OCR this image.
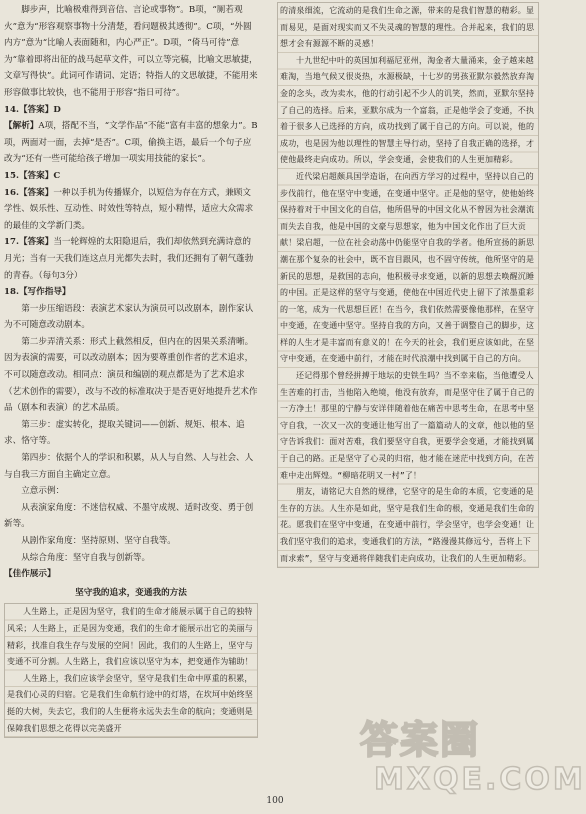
脚步声，比喻极难得到音信、言论或事物”。B项，“厕若观火”意为“形容观察事物十分清楚，看问题极其透彻”。C项，“外圆内方”意为“比喻人表面随和，内心严正”。D项，“倚马可待”意为“靠着即将出征的战马起草文件，可以立等完稿，比喻文思敏捷，文章写得快”。此词可作请词、定语；特指人的文思敏捷，不能用来形容做事比较快，也不能用于形容“指日可待”。

14.【答案】D

【解析】A项，搭配不当，“文学作品”不能“富有丰富的想象力”。B项，两面对一面，去掉“是否”。C项，偷换主语，最后一个句子应改为“还有一些可能给孩子增加一项实用技能的家长”。

15.【答案】C

16.【答案】一种以手机为传播媒介，以短信为存在方式，兼顾文学性、娱乐性、互动性、时效性等特点，短小精悍，适应大众需求的最佳的文学新门类。

17.【答案】当一轮辉煌的太阳隐退后，我们却依然到充满诗意的月光；当有一天我们连这点月光都失去时，我们还拥有了朝气蓬勃的青春。（每句3分）

18.【写作指导】

第一步压缩语段：表演艺术家认为演员可以改剧本，剧作家认为不可随意改动剧本。

第二步弄清关系：形式上截然相反，但内在的因果关系清晰。因为表演的需要，可以改动剧本；因为要尊重创作者的艺术追求，不可以随意改动。相同点：演员和编剧的观点都是为了艺术追求（艺术创作的需要），改与不改的标准取决于是否更好地提升艺术作品（剧本和表演）的艺术品质。

第三步：虚实转化，提取关键词——创新、规矩、根本、追求、恪守等。

第四步：依据个人的学识和积累，从人与自然、人与社会、人与自我三方面自主确定立意。

立意示例：

从表演家角度：不迷信权威、不墨守成规、适时改变、勇于创新等。

从剧作家角度：坚持原则、坚守自我等。

从综合角度：坚守自我与创新等。

【佳作展示】

坚守我的追求，变通我的方法

人生路上，正是因为坚守，我们的生命才能展示属于自己的独特风采；人生路上，正是因为变通，我们的生命才能展示出它的美丽与精彩，找准自我生存与发展的空间！因此，我们的人生路上，坚守与变通不可分割。人生路上，我们应该以坚守为本，把变通作为辅助！

人生路上，我们应该学会坚守，坚守是我们生命中厚重的积累，是我们心灵的归宿。它是我们生命航行途中的灯塔，在坎坷中始终坚挺的大树，失去它，我们的人生便将永远失去生命的航向；变通则是保障我们思想之花得以完美盛开

的清泉细流，它流动的是我们生命之源，带来的是我们智慧的精彩。显而易见，是面对现实而又不失灵魂的智慧的理性。合并起来，我们的思想才会有源源不断的灵感！

十九世纪中叶的英国加利福尼亚州，淘金者大量涌来，金子越来越难淘，当地气候又很炎热，水源极缺，十七岁的男孩亚默尔毅然放弃淘金的念头，改为卖水，他的行动引起不少人的讥笑，然而，亚默尔坚持了自己的选择。后来，亚默尔成为一个富翁，正是他学会了变通，不执着于很多人已选择的方向，成功找到了属于自己的方向。可以说，他的成功，也是因为他以理性的智慧主导行动，坚持了自我正确的选择，才使他最终走向成功。所以，学会变通，会使我们的人生更加精彩。

近代梁启超颇具国学造诣，在向西方学习的过程中，坚持以自己的步伐前行，他在坚守中变通，在变通中坚守。正是他的坚守，使他始终保持着对于中国文化的自信，他所倡导的中国文化从不曾因为社会潮流而失去自我，他是中国的文豪与思想家，他为中国文化作出了巨大贡献！梁启超，一位在社会动荡中仍能坚守自我的学者。他所宣扬的新思潮在那个复杂的社会中，既不盲目跟风，也不固守传统，他所坚守的是新民的思想，是救国的志向，他积极寻求变通，以新的思想去唤醒沉睡的中国。正是这样的坚守与变通，使他在中国近代史上留下了浓墨重彩的一笔，成为一代思想巨匠！在当今，我们依然需要像他那样，在坚守中变通，在变通中坚守。坚持自我的方向，又善于调整自己的脚步，这样的人生才是丰富而有意义的！在今天的社会，我们更应该如此，在坚守中变通，在变通中前行，才能在时代浪潮中找到属于自己的方向。

还记得那个曾经拼搏于地坛的史铁生吗？当不幸来临，当他遭受人生苦难的打击，当他陷入绝境，他没有放弃，而是坚守住了属于自己的一方净土！那里的宁静与安详伴随着他在痛苦中思考生命，在思考中坚守自我，一次又一次的变通让他写出了一篇篇动人的文章，他以他的坚守告诉我们：面对苦难，我们要坚守自我，更要学会变通，才能找到属于自己的路。正是坚守了心灵的归宿，他才能在迷茫中找到方向，在苦难中走出辉煌。“柳暗花明又一村”了！

朋友，请铭记大自然的规律，它坚守的是生命的本质，它变通的是生存的方法。人生亦是如此，坚守是我们生命的根，变通是我们生命的花。愿我们在坚守中变通，在变通中前行，学会坚守，也学会变通！让我们坚守我们的追求，变通我们的方法，“路漫漫其修远兮，吾将上下而求索”，坚守与变通将伴随我们走向成功，让我们的人生更加精彩。

100
答案圈
MXQE.COM
